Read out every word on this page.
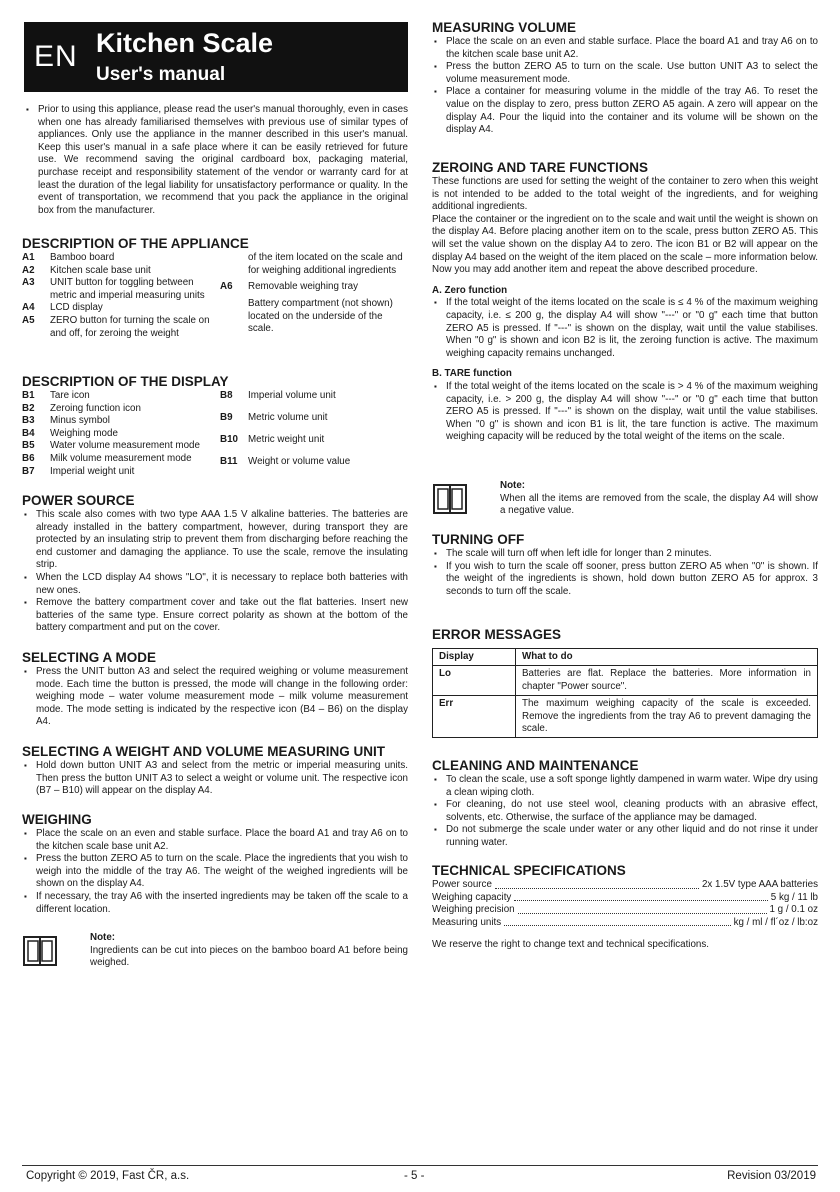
EN Kitchen Scale
User's manual
▪ Prior to using this appliance, please read the user's manual thoroughly, even in cases when one has already familiarised themselves with previous use of similar types of appliances. Only use the appliance in the manner described in this user's manual. Keep this user's manual in a safe place where it can be easily retrieved for future use. We recommend saving the original cardboard box, packaging material, purchase receipt and responsibility statement of the vendor or warranty card for at least the duration of the legal liability for unsatisfactory performance or quality. In the event of transportation, we recommend that you pack the appliance in the original box from the manufacturer.
DESCRIPTION OF THE APPLIANCE
A1	Bamboo board
A2	Kitchen scale base unit
A3	UNIT button for toggling between metric and imperial measuring units
A4	LCD display
A5	ZERO button for turning the scale on and off, for zeroing the weight
of the item located on the scale and for weighing additional ingredients
A6	Removable weighing tray
Battery compartment (not shown) located on the underside of the scale.
DESCRIPTION OF THE DISPLAY
B1	Tare icon
B2	Zeroing function icon
B3	Minus symbol
B4	Weighing mode
B5	Water volume measurement mode
B6	Milk volume measurement mode
B7	Imperial weight unit
B8	Imperial volume unit
B9	Metric volume unit
B10	Metric weight unit
B11	Weight or volume value
POWER SOURCE
▪ This scale also comes with two type AAA 1.5 V alkaline batteries. The batteries are already installed in the battery compartment, however, during transport they are protected by an insulating strip to prevent them from discharging before reaching the end customer and damaging the appliance. To use the scale, remove the insulating strip.
▪ When the LCD display A4 shows "LO", it is necessary to replace both batteries with new ones.
▪ Remove the battery compartment cover and take out the flat batteries. Insert new batteries of the same type. Ensure correct polarity as shown at the bottom of the battery compartment and put on the cover.
SELECTING A MODE
▪ Press the UNIT button A3 and select the required weighing or volume measurement mode. Each time the button is pressed, the mode will change in the following order: weighing mode – water volume measurement mode – milk volume measurement mode. The mode setting is indicated by the respective icon (B4 – B6) on the display A4.
SELECTING A WEIGHT AND VOLUME MEASURING UNIT
▪ Hold down button UNIT A3 and select from the metric or imperial measuring units. Then press the button UNIT A3 to select a weight or volume unit. The respective icon (B7 – B10) will appear on the display A4.
WEIGHING
▪ Place the scale on an even and stable surface. Place the board A1 and tray A6 on to the kitchen scale base unit A2.
▪ Press the button ZERO A5 to turn on the scale. Place the ingredients that you wish to weigh into the middle of the tray A6. The weight of the weighed ingredients will be shown on the display A4.
▪ If necessary, the tray A6 with the inserted ingredients may be taken off the scale to a different location.
Note:

Ingredients can be cut into pieces on the bamboo board A1 before being weighed.

MEASURING VOLUME
▪ Place the scale on an even and stable surface. Place the board A1 and tray A6 on to the kitchen scale base unit A2.
▪ Press the button ZERO A5 to turn on the scale. Use button UNIT A3 to select the volume measurement mode.
▪ Place a container for measuring volume in the middle of the tray A6. To reset the value on the display to zero, press button ZERO A5 again. A zero will appear on the display A4. Pour the liquid into the container and its volume will be shown on the display A4.
ZEROING AND TARE FUNCTIONS

These functions are used for setting the weight of the container to zero when this weight is not intended to be added to the total weight of the ingredients, and for weighing additional ingredients.

Place the container or the ingredient on to the scale and wait until the weight is shown on the display A4. Before placing another item on to the scale, press button ZERO A5. This will set the value shown on the display A4 to zero. The icon B1 or B2 will appear on the display A4 based on the weight of the item placed on the scale – more information below. Now you may add another item and repeat the above described procedure.

A. Zero function
▪ If the total weight of the items located on the scale is ≤ 4 % of the maximum weighing capacity, i.e. ≤ 200 g, the display A4 will show "---" or "0 g" each time that button ZERO A5 is pressed. If "---" is shown on the display, wait until the value stabilises. When "0 g" is shown and icon B2 is lit, the zeroing function is active. The maximum weighing capacity remains unchanged.
B. TARE function
▪ If the total weight of the items located on the scale is > 4 % of the maximum weighing capacity, i.e. > 200 g, the display A4 will show "---" or "0 g" each time that button ZERO A5 is pressed. If "---" is shown on the display, wait until the value stabilises. When "0 g" is shown and icon B1 is lit, the tare function is active. The maximum weighing capacity will be reduced by the total weight of the items on the scale.
Note:

When all the items are removed from the scale, the display A4 will show a negative value.

TURNING OFF
▪ The scale will turn off when left idle for longer than 2 minutes.
▪ If you wish to turn the scale off sooner, press button ZERO A5 when "0" is shown. If the weight of the ingredients is shown, hold down button ZERO A5 for approx. 3 seconds to turn off the scale.
ERROR MESSAGES
Display	What to do
Lo	Batteries are flat. Replace the batteries. More information in chapter "Power source".
Err	The maximum weighing capacity of the scale is exceeded. Remove the ingredients from the tray A6 to prevent damaging the scale.
CLEANING AND MAINTENANCE
▪ To clean the scale, use a soft sponge lightly dampened in warm water. Wipe dry using a clean wiping cloth.
▪ For cleaning, do not use steel wool, cleaning products with an abrasive effect, solvents, etc. Otherwise, the surface of the appliance may be damaged.
▪ Do not submerge the scale under water or any other liquid and do not rinse it under running water.
TECHNICAL SPECIFICATIONS
Power source	2x 1.5V type AAA batteries
Weighing capacity	5 kg / 11 lb
Weighing precision	1 g / 0.1 oz
Measuring units	kg / ml / fl´oz / lb:oz

We reserve the right to change text and technical specifications.

Copyright © 2019, Fast ČR, a.s.	- 5 -	Revision 03/2019
